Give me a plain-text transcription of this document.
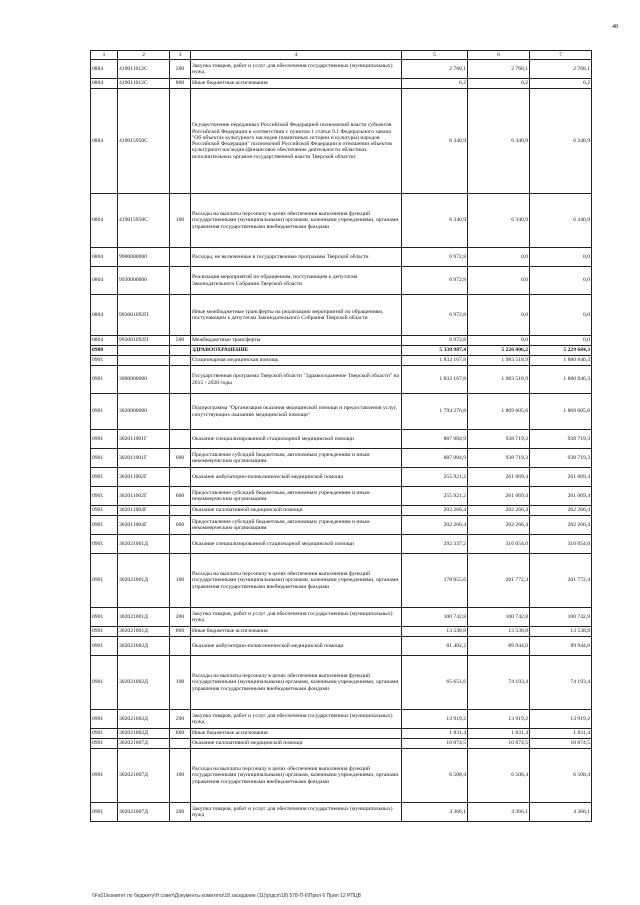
48
1	2	3	4	5	6	7
0804	419011012С	200	Закупка товаров, работ и услуг для обеспечения государственных (муниципальных) нужд	2 768,1	2 768,1	2 768,1
0804	419011012С	800	Иные бюджетные ассигнования	6,2	6,2	6,2
0804	419015950С		Осуществление переданных Российской Федерацией полномочий власти субъектов Российской Федерации в соответствии с пунктом 1 статьи 9.1 Федерального закона "Об объектах культурного наследия (памятниках истории и культуры) народов Российской Федерации" полномочий Российской Федерации в отношении объектов культурного наследия (финансовое обеспечение деятельности областных исполнительных органов государственной власти Тверской области)	6 340,9	6 340,9	6 340,9
0804	419015950С	100	Расходы на выплаты персоналу в целях обеспечения выполнения функций государственными (муниципальными) органами, казенными учреждениями, органами управления государственными внебюджетными фондами	6 340,9	6 340,9	6 340,9
0804	9900000000		Расходы, не включенные в государственные программы Тверской области	6 972,8	0,0	0,0
0804	9930000000		Реализация мероприятий по обращениям, поступающим к депутатам Законодательного Собрания Тверской области	6 972,8	0,0	0,0
0804	993001092П		Иные межбюджетные трансферты на реализацию мероприятий по обращениям, поступающим к депутатам Законодательного Собрания Тверской области	6 972,8	0,0	0,0
0804	993001092П	500	Межбюджетные трансферты	6 972,8	0,0	0,0
0900			ЗДРАВООХРАНЕНИЕ	5 330 987,4	5 226 006,2	5 229 684,3
0901			Стационарная медицинская помощь	1 832 167,8	1 983 518,9	1 880 846,3
0901	3000000000		Государственная программа Тверской области "Здравоохранение Тверской области" на 2015 - 2020 годы	1 832 167,8	1 983 518,9	1 880 846,3
0901	3020000000		Подпрограмма "Организация оказания медицинской помощи и предоставления услуг, сопутствующих оказанию медицинской помощи"	1 794 276,8	1 869 605,6	1 869 605,6
0901	302011001Г		Оказание специализированной стационарной медицинской помощи	887 084,9	938 719,3	938 719,3
0901	302011001Г	600	Предоставление субсидий бюджетным, автономным учреждениям и иным некоммерческим организациям	887 084,9	938 719,3	938 719,3
0901	302011002Г		Оказание амбулаторно-поликлинической медицинской помощи	255 921,2	261 069,4	261 069,4
0901	302011002Г	600	Предоставление субсидий бюджетным, автономным учреждениям и иным некоммерческим организациям	255 921,2	261 069,4	261 069,4
0901	302011004Г		Оказание паллиативной медицинской помощи	202 266,4	202 266,4	202 266,4
0901	302011004Г	600	Предоставление субсидий бюджетным, автономным учреждениям и иным некоммерческим организациям	202 266,4	202 266,4	202 266,4
0901	302021001Д		Оказание специализированной стационарной медицинской помощи	292 337,2	316 054,0	316 054,0
0901	302021001Д	100	Расходы на выплаты персоналу в целях обеспечения выполнения функций государственными (муниципальными) органами, казенными учреждениями, органами управления государственными внебюджетными фондами	178 055,6	201 772,4	201 772,4
0901	302021001Д	200	Закупка товаров, работ и услуг для обеспечения государственных (муниципальных) нужд	100 742,8	100 742,8	100 742,8
0901	302021001Д	800	Иные бюджетные ассигнования	13 538,8	13 538,8	13 538,8
0901	302021002Д		Оказание амбулаторно-поликлинической медицинской помощи	81 402,2	89 944,0	89 944,0
0901	302021002Д	100	Расходы на выплаты персоналу в целях обеспечения выполнения функций государственными (муниципальными) органами, казенными учреждениями, органами управления государственными внебюджетными фондами	65 651,6	74 193,4	74 193,4
0901	302021002Д	200	Закупка товаров, работ и услуг для обеспечения государственных (муниципальных) нужд	13 919,2	13 919,2	13 919,2
0901	302021002Д	800	Иные бюджетные ассигнования	1 831,4	1 831,4	1 831,4
0901	302021007Д		Оказание паллиативной медицинской помощи	10 874,5	10 874,5	10 874,5
0901	302021007Д	100	Расходы на выплаты персоналу в целях обеспечения выполнения функций государственными (муниципальными) органами, казенными учреждениями, органами управления государственными внебюджетными фондами	6 508,4	6 508,4	6 508,4
0901	302021007Д	200	Закупка товаров, работ и услуг для обеспечения государственных (муниципальных) нужд	4 366,1	4 366,1	4 366,1
\\Fs01\комитет по бюджету\Н совет\Документы комитета\18 заседание (11)\ргдсп\18) 578-П-6\Прил 6 Прил 12 РПЦВ
